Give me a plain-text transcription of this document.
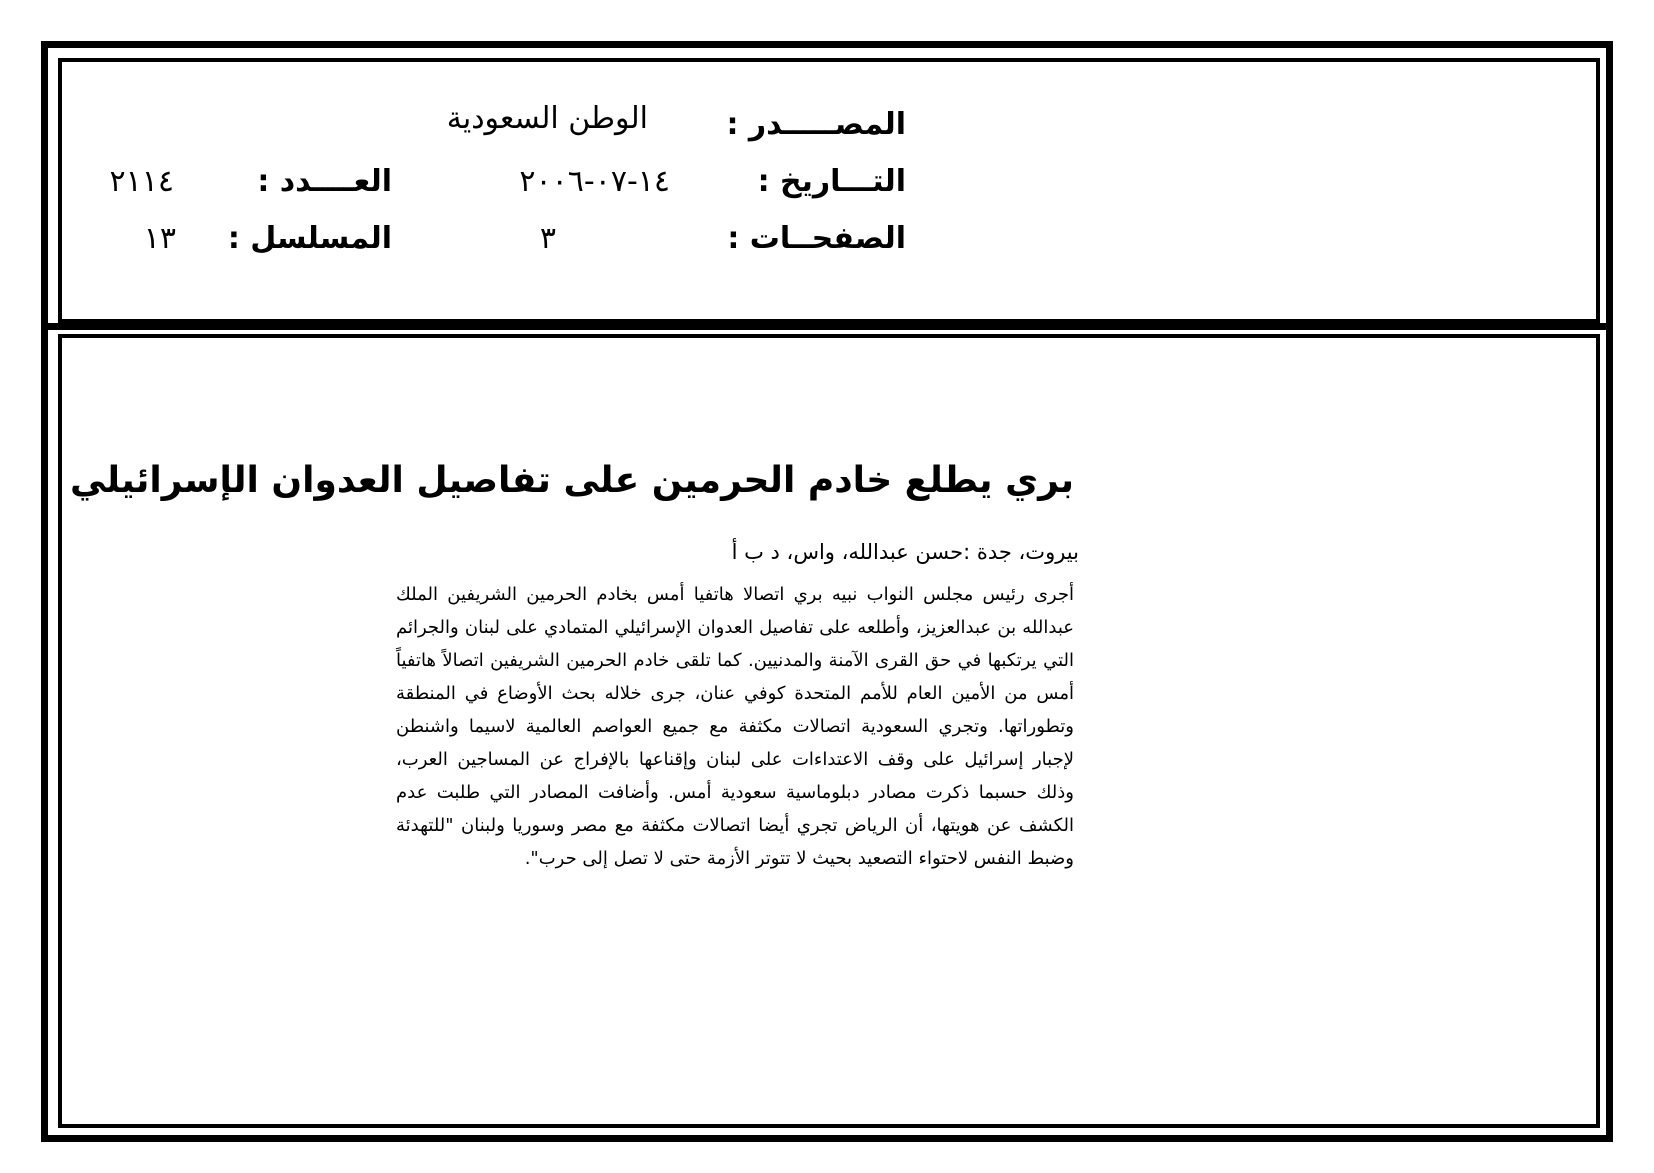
المصـــــدر :
الوطن السعودية
التـــاريخ :
١٤-٠٧-٢٠٠٦
العــــدد :
٢١١٤
الصفحــات :
٣
المسلسل :
١٣
بري يطلع خادم الحرمين على تفاصيل العدوان الإسرائيلي
بيروت، جدة :حسن عبدالله، واس، د ب أ
أجرى رئيس مجلس النواب نبيه بري اتصالا هاتفيا أمس بخادم الحرمين الشريفين الملك عبدالله بن عبدالعزيز، وأطلعه على تفاصيل العدوان الإسرائيلي المتمادي على لبنان والجرائم التي يرتكبها في حق القرى الآمنة والمدنيين. كما تلقى خادم الحرمين الشريفين اتصالاً هاتفياً أمس من الأمين العام للأمم المتحدة كوفي عنان، جرى خلاله بحث الأوضاع في المنطقة وتطوراتها. وتجري السعودية اتصالات مكثفة مع جميع العواصم العالمية لاسيما واشنطن لإجبار إسرائيل على وقف الاعتداءات على لبنان وإقناعها بالإفراج عن المساجين العرب، وذلك حسبما ذكرت مصادر دبلوماسية سعودية أمس. وأضافت المصادر التي طلبت عدم الكشف عن هويتها، أن الرياض تجري أيضا اتصالات مكثفة مع مصر وسوريا ولبنان "للتهدئة وضبط النفس لاحتواء التصعيد بحيث لا تتوتر الأزمة حتى لا تصل إلى حرب".
